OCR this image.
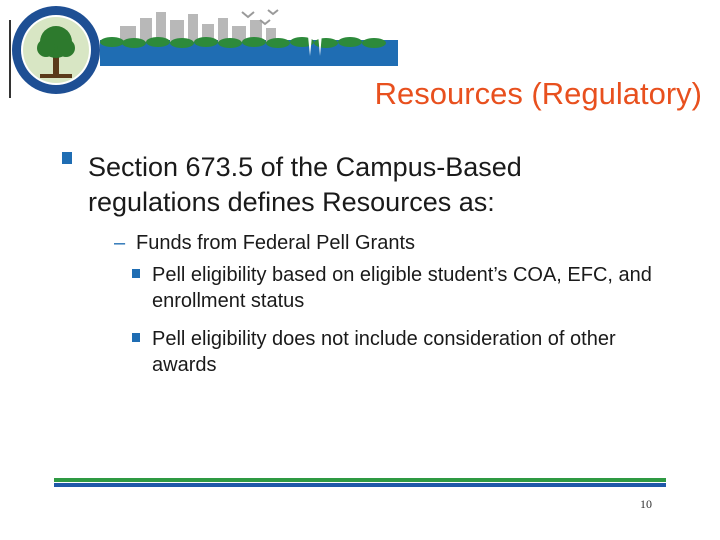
Resources (Regulatory)
Section 673.5 of the Campus-Based regulations defines Resources as:
– Funds from Federal Pell Grants
Pell eligibility based on eligible student’s COA, EFC, and enrollment status
Pell eligibility does not include consideration of other awards
10
